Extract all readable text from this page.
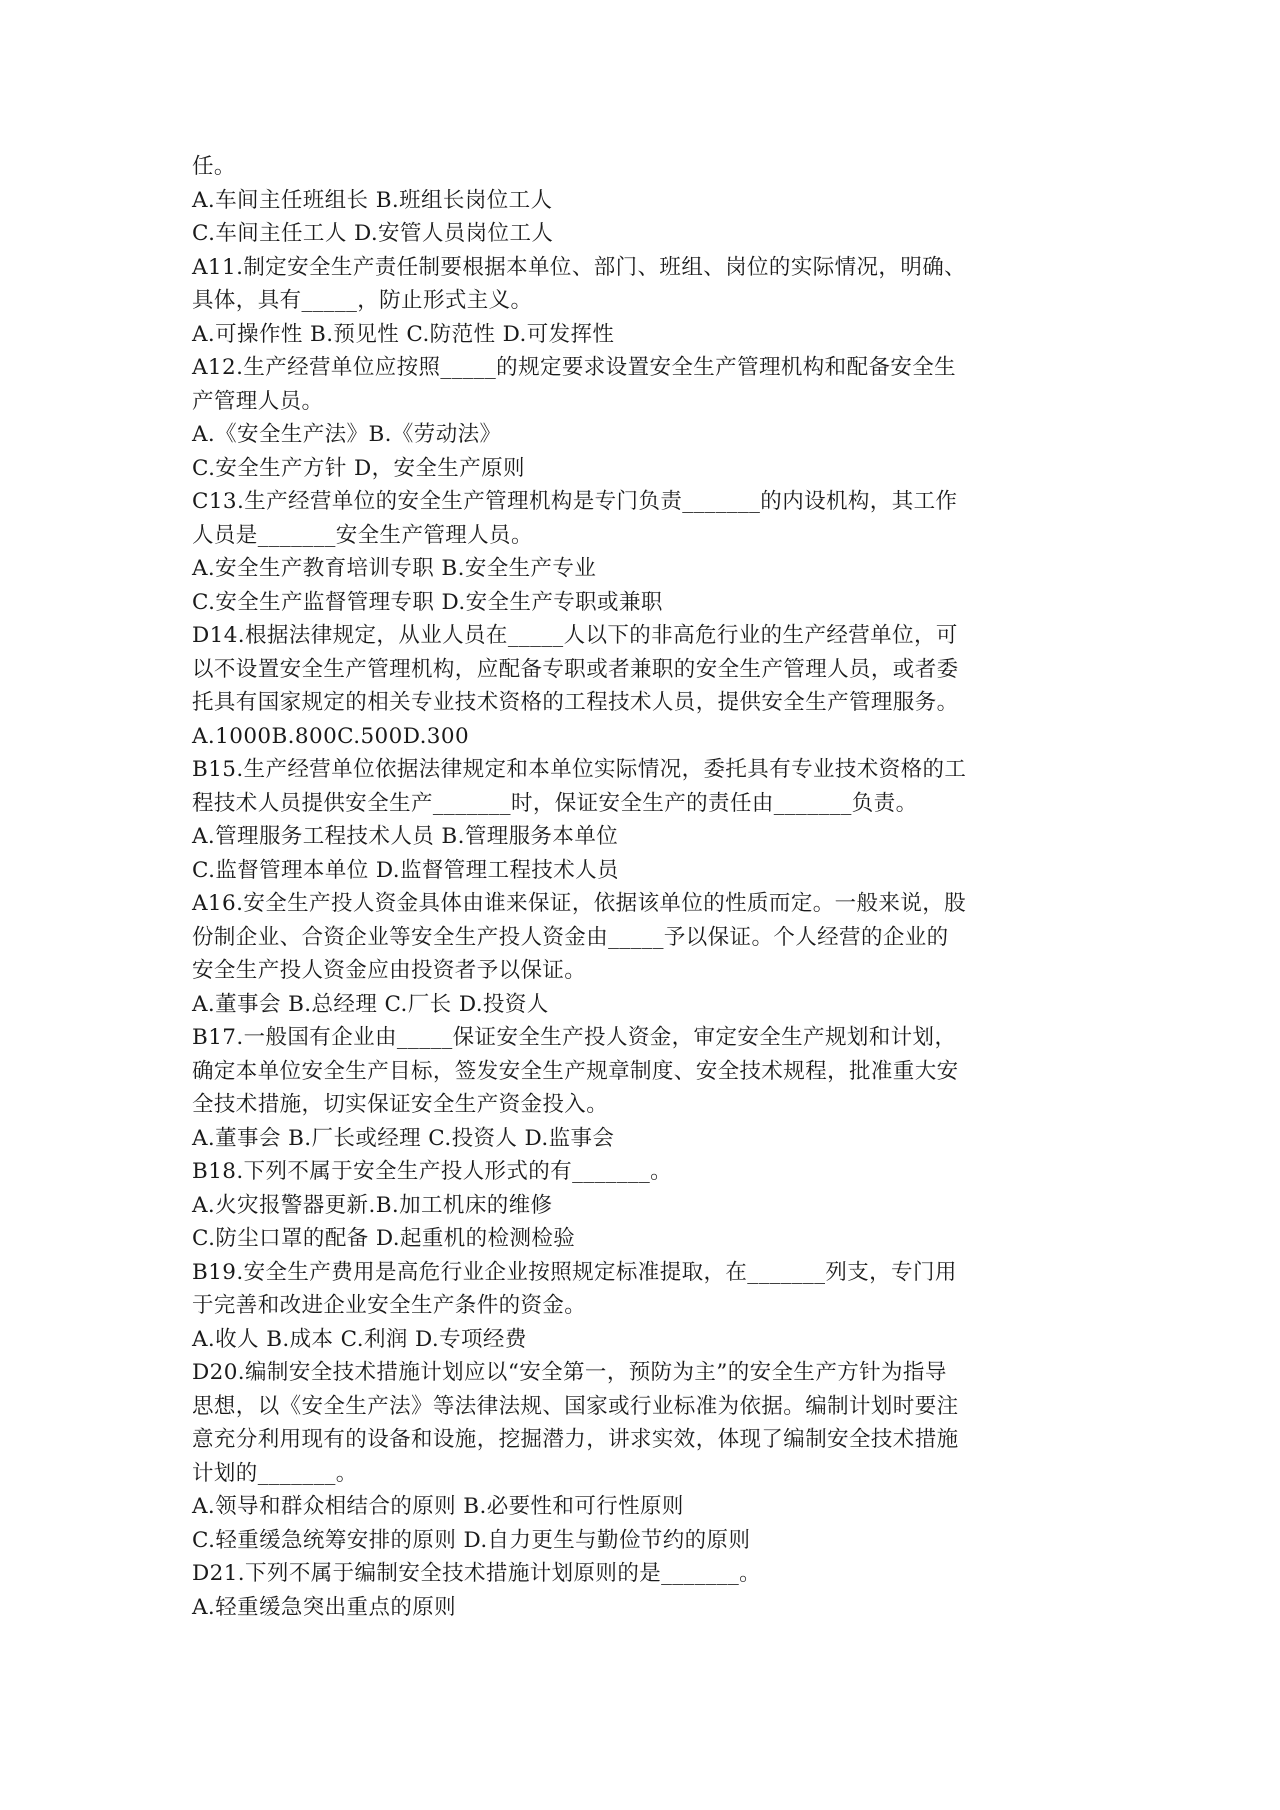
任。
A.车间主任班组长 B.班组长岗位工人
C.车间主任工人 D.安管人员岗位工人
A11.制定安全生产责任制要根据本单位、部门、班组、岗位的实际情况，明确、
具体，具有_____，防止形式主义。
A.可操作性 B.预见性 C.防范性 D.可发挥性
A12.生产经营单位应按照_____的规定要求设置安全生产管理机构和配备安全生
产管理人员。
A.《安全生产法》B.《劳动法》
C.安全生产方针 D，安全生产原则
C13.生产经营单位的安全生产管理机构是专门负责_______的内设机构，其工作
人员是_______安全生产管理人员。
A.安全生产教育培训专职 B.安全生产专业
C.安全生产监督管理专职 D.安全生产专职或兼职
D14.根据法律规定，从业人员在_____人以下的非高危行业的生产经营单位，可
以不设置安全生产管理机构，应配备专职或者兼职的安全生产管理人员，或者委
托具有国家规定的相关专业技术资格的工程技术人员，提供安全生产管理服务。
A.1000B.800C.500D.300
B15.生产经营单位依据法律规定和本单位实际情况，委托具有专业技术资格的工
程技术人员提供安全生产_______时，保证安全生产的责任由_______负责。
A.管理服务工程技术人员 B.管理服务本单位
C.监督管理本单位 D.监督管理工程技术人员
A16.安全生产投人资金具体由谁来保证，依据该单位的性质而定。一般来说，股
份制企业、合资企业等安全生产投人资金由_____予以保证。个人经营的企业的
安全生产投人资金应由投资者予以保证。
A.董事会 B.总经理 C.厂长 D.投资人
B17.一般国有企业由_____保证安全生产投人资金，审定安全生产规划和计划，
确定本单位安全生产目标，签发安全生产规章制度、安全技术规程，批准重大安
全技术措施，切实保证安全生产资金投入。
A.董事会 B.厂长或经理 C.投资人 D.监事会
B18.下列不属于安全生产投人形式的有_______。
A.火灾报警器更新.B.加工机床的维修
C.防尘口罩的配备 D.起重机的检测检验
B19.安全生产费用是高危行业企业按照规定标准提取，在_______列支，专门用
于完善和改进企业安全生产条件的资金。
A.收人 B.成本 C.利润 D.专项经费
D20.编制安全技术措施计划应以“安全第一，预防为主”的安全生产方针为指导
思想，以《安全生产法》等法律法规、国家或行业标准为依据。编制计划时要注
意充分利用现有的设备和设施，挖掘潜力，讲求实效，体现了编制安全技术措施
计划的_______。
A.领导和群众相结合的原则 B.必要性和可行性原则
C.轻重缓急统筹安排的原则 D.自力更生与勤俭节约的原则
D21.下列不属于编制安全技术措施计划原则的是_______。
A.轻重缓急突出重点的原则
